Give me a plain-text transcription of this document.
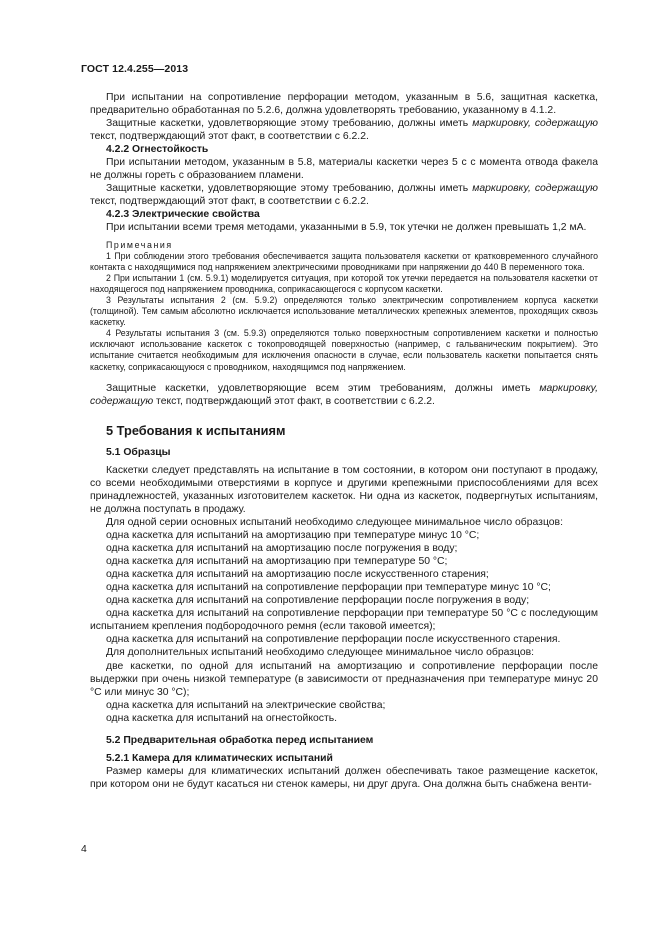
ГОСТ 12.4.255—2013

При испытании на сопротивление перфорации методом, указанным в 5.6, защитная каскетка, предварительно обработанная по 5.2.6, должна удовлетворять требованию, указанному в 4.1.2.

Защитные каскетки, удовлетворяющие этому требованию, должны иметь маркировку, содержащую текст, подтверждающий этот факт, в соответствии с 6.2.2.

4.2.2 Огнестойкость

При испытании методом, указанным в 5.8, материалы каскетки через 5 с с момента отвода факела не должны гореть с образованием пламени.

Защитные каскетки, удовлетворяющие этому требованию, должны иметь маркировку, содержащую текст, подтверждающий этот факт, в соответствии с 6.2.2.

4.2.3 Электрические свойства

При испытании всеми тремя методами, указанными в 5.9, ток утечки не должен превышать 1,2 мА.

Примечания

1 При соблюдении этого требования обеспечивается защита пользователя каскетки от кратковременного случайного контакта с находящимися под напряжением электрическими проводниками при напряжении до 440 В переменного тока.

2 При испытании 1 (см. 5.9.1) моделируется ситуация, при которой ток утечки передается на пользователя каскетки от находящегося под напряжением проводника, соприкасающегося с корпусом каскетки.

3 Результаты испытания 2 (см. 5.9.2) определяются только электрическим сопротивлением корпуса каскетки (толщиной). Тем самым абсолютно исключается использование металлических крепежных элементов, проходящих сквозь каскетку.

4 Результаты испытания 3 (см. 5.9.3) определяются только поверхностным сопротивлением каскетки и полностью исключают использование каскеток с токопроводящей поверхностью (например, с гальваническим покрытием). Это испытание считается необходимым для исключения опасности в случае, если пользователь каскетки попытается снять каскетку, соприкасающуюся с проводником, находящимся под напряжением.

Защитные каскетки, удовлетворяющие всем этим требованиям, должны иметь маркировку, содержащую текст, подтверждающий этот факт, в соответствии с 6.2.2.

5 Требования к испытаниям

5.1 Образцы

Каскетки следует представлять на испытание в том состоянии, в котором они поступают в продажу, со всеми необходимыми отверстиями в корпусе и другими крепежными приспособлениями для всех принадлежностей, указанных изготовителем каскеток. Ни одна из каскеток, подвергнутых испытаниям, не должна поступать в продажу.

Для одной серии основных испытаний необходимо следующее минимальное число образцов:

одна каскетка для испытаний на амортизацию при температуре минус 10 °С;

одна каскетка для испытаний на амортизацию после погружения в воду;

одна каскетка для испытаний на амортизацию при температуре 50 °С;

одна каскетка для испытаний на амортизацию после искусственного старения;

одна каскетка для испытаний на сопротивление перфорации при температуре минус 10 °С;

одна каскетка для испытаний на сопротивление перфорации после погружения в воду;

одна каскетка для испытаний на сопротивление перфорации при температуре 50 °С с последующим испытанием крепления подбородочного ремня (если таковой имеется);

одна каскетка для испытаний на сопротивление перфорации после искусственного старения.

Для дополнительных испытаний необходимо следующее минимальное число образцов:

две каскетки, по одной для испытаний на амортизацию и сопротивление перфорации после выдержки при очень низкой температуре (в зависимости от предназначения при температуре минус 20 °С или минус 30 °С);

одна каскетка для испытаний на электрические свойства;

одна каскетка для испытаний на огнестойкость.

5.2 Предварительная обработка перед испытанием

5.2.1 Камера для климатических испытаний

Размер камеры для климатических испытаний должен обеспечивать такое размещение каскеток, при котором они не будут касаться ни стенок камеры, ни друг друга. Она должна быть снабжена венти-

4
